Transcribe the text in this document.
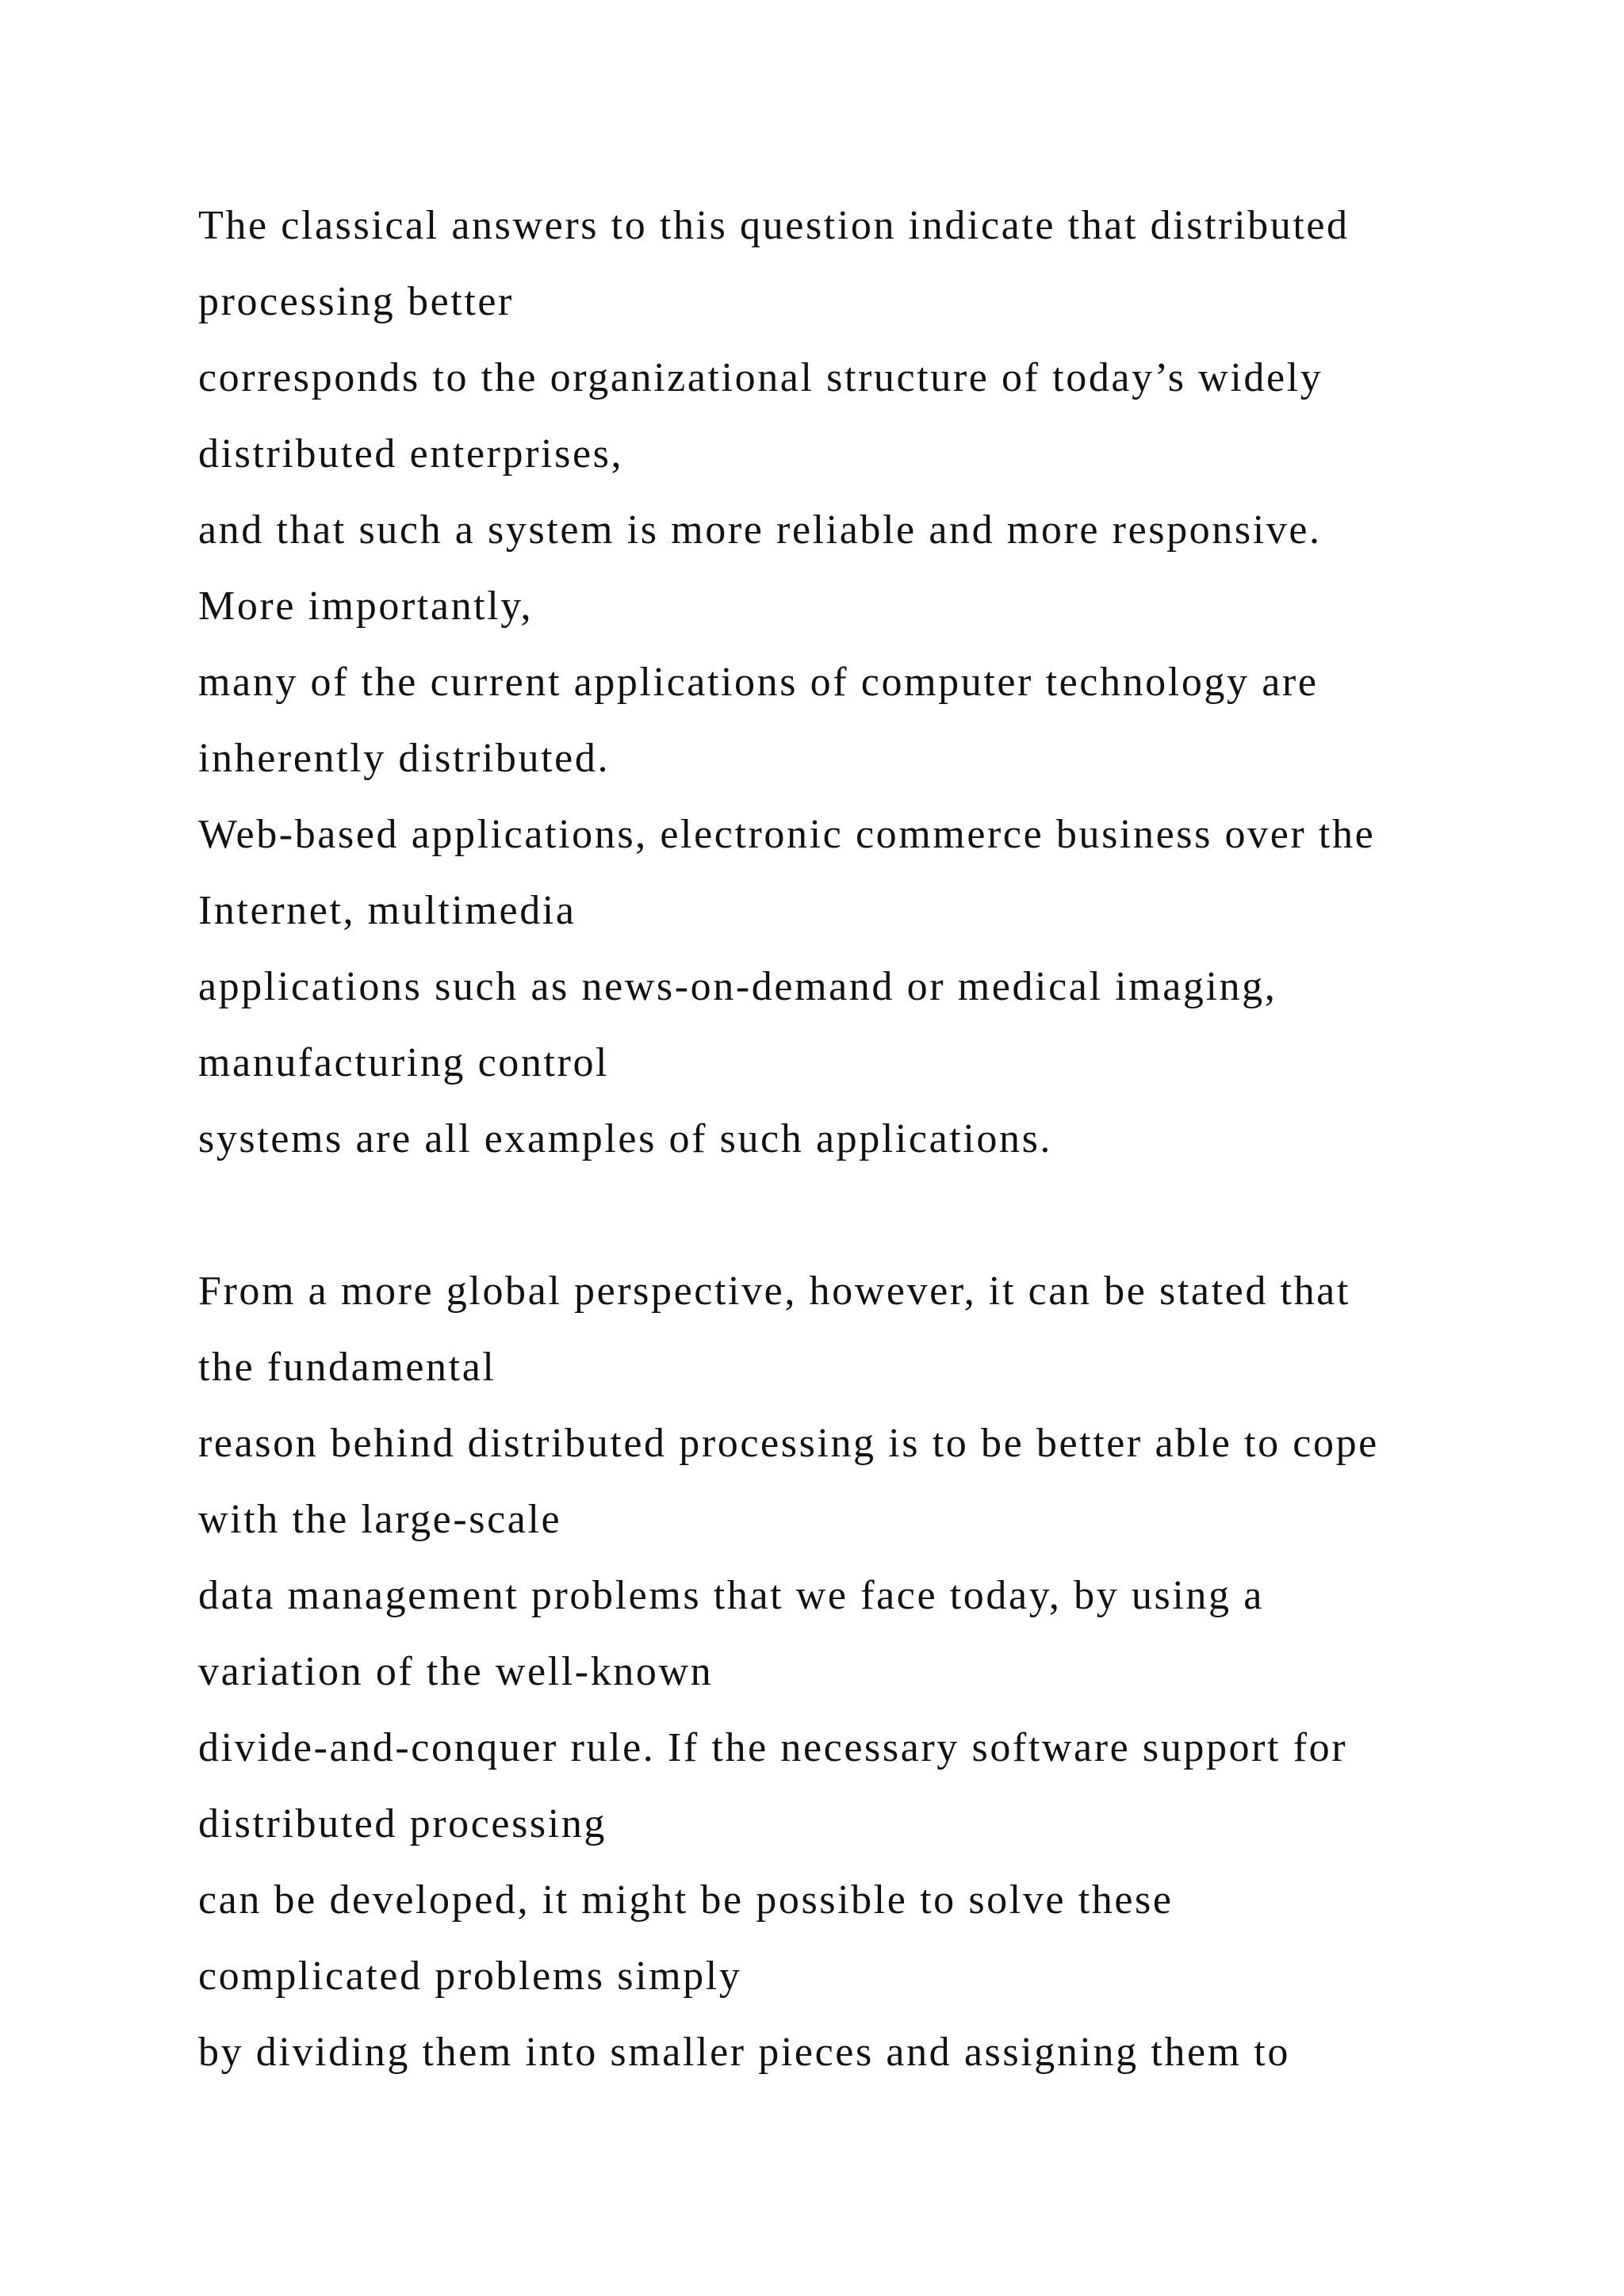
The classical answers to this question indicate that distributed
processing better
corresponds to the organizational structure of today’s widely
distributed enterprises,
and that such a system is more reliable and more responsive.
More importantly,
many of the current applications of computer technology are
inherently distributed.
Web-based applications, electronic commerce business over the
Internet, multimedia
applications such as news-on-demand or medical imaging,
manufacturing control
systems are all examples of such applications.
From a more global perspective, however, it can be stated that
the fundamental
reason behind distributed processing is to be better able to cope
with the large-scale
data management problems that we face today, by using a
variation of the well-known
divide-and-conquer rule. If the necessary software support for
distributed processing
can be developed, it might be possible to solve these
complicated problems simply
by dividing them into smaller pieces and assigning them to
